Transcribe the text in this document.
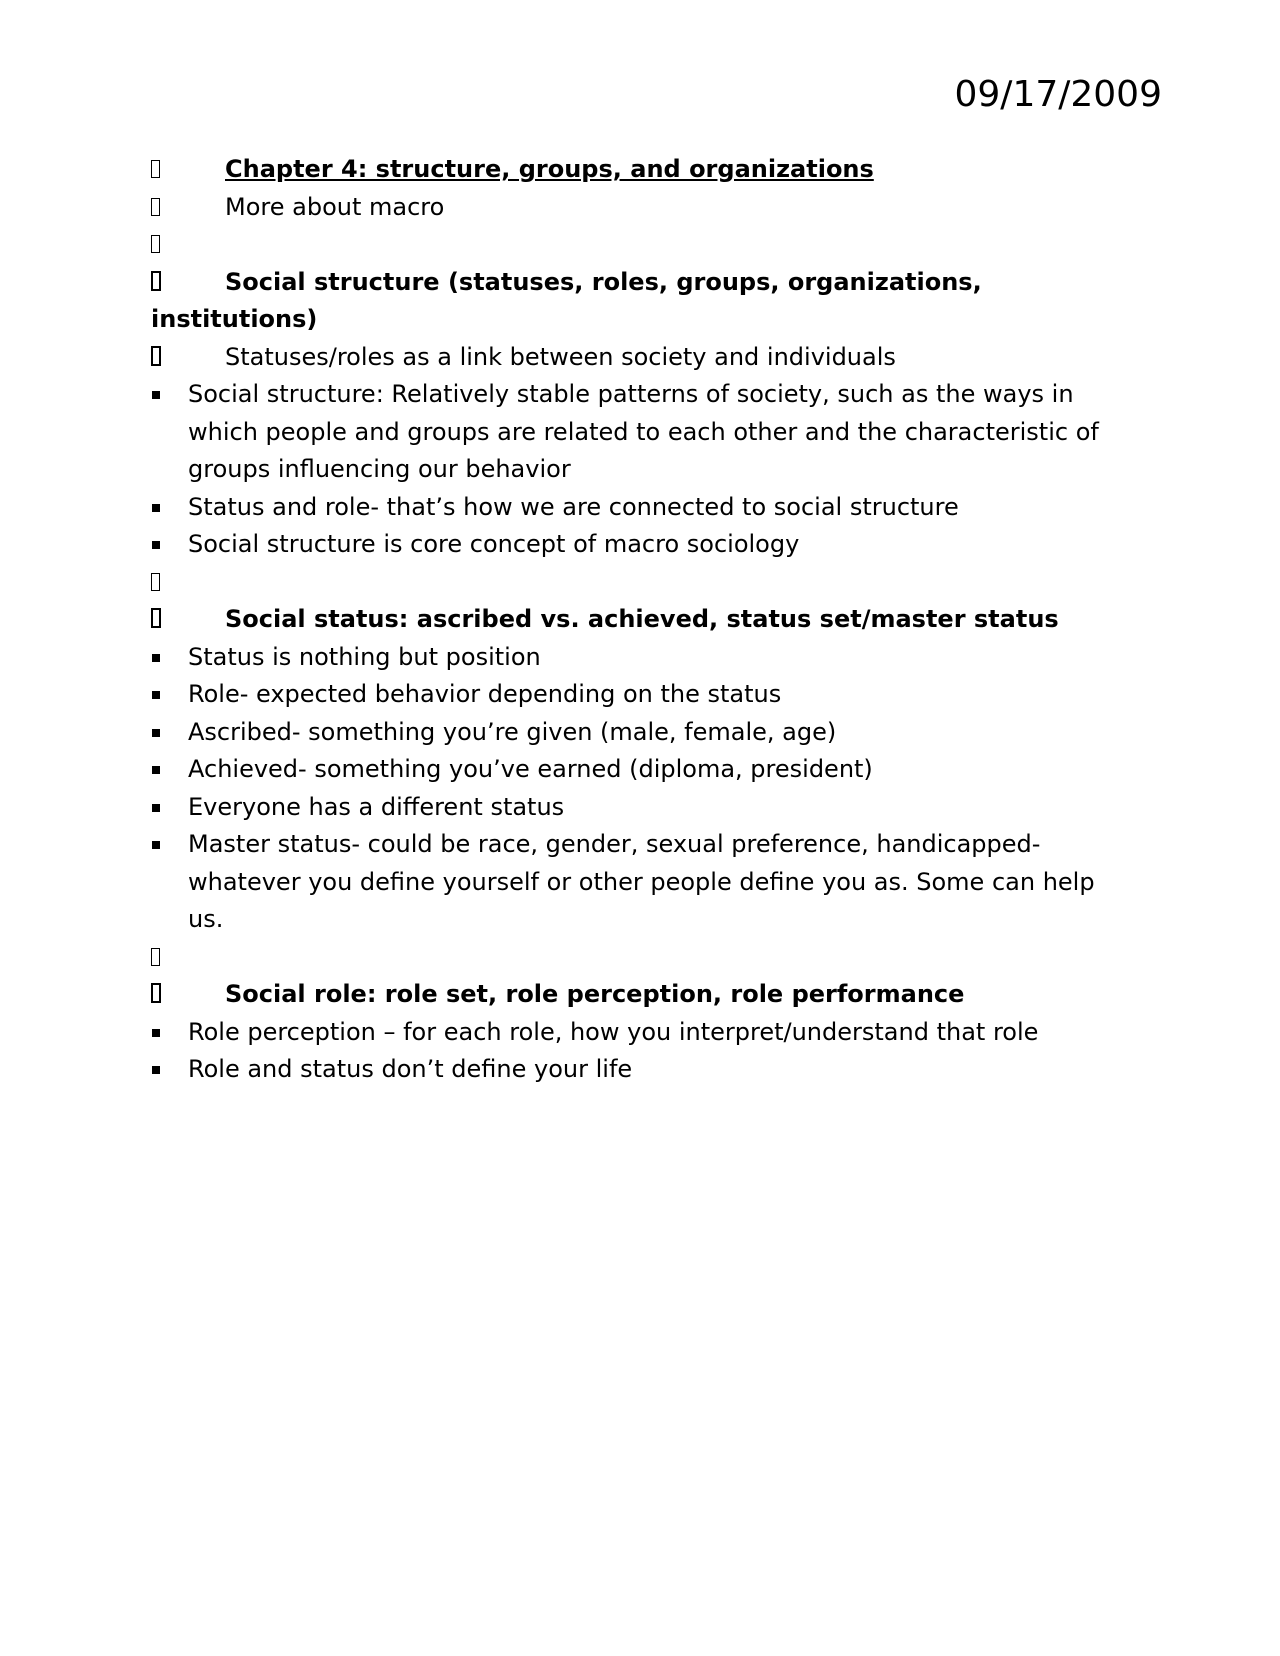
09/17/2009
Chapter 4: structure, groups, and organizations
More about macro
Social structure (statuses, roles, groups, organizations, institutions)
Statuses/roles as a link between society and individuals
Social structure: Relatively stable patterns of society, such as the ways in which people and groups are related to each other and the characteristic of groups influencing our behavior
Status and role- that’s how we are connected to social structure
Social structure is core concept of macro sociology
Social status: ascribed vs. achieved, status set/master status
Status is nothing but position
Role- expected behavior depending on the status
Ascribed- something you’re given (male, female, age)
Achieved- something you’ve earned (diploma, president)
Everyone has a different status
Master status- could be race, gender, sexual preference, handicapped- whatever you define yourself or other people define you as. Some can help us.
Social role: role set, role perception, role performance
Role perception – for each role, how you interpret/understand that role
Role and status don’t define your life
